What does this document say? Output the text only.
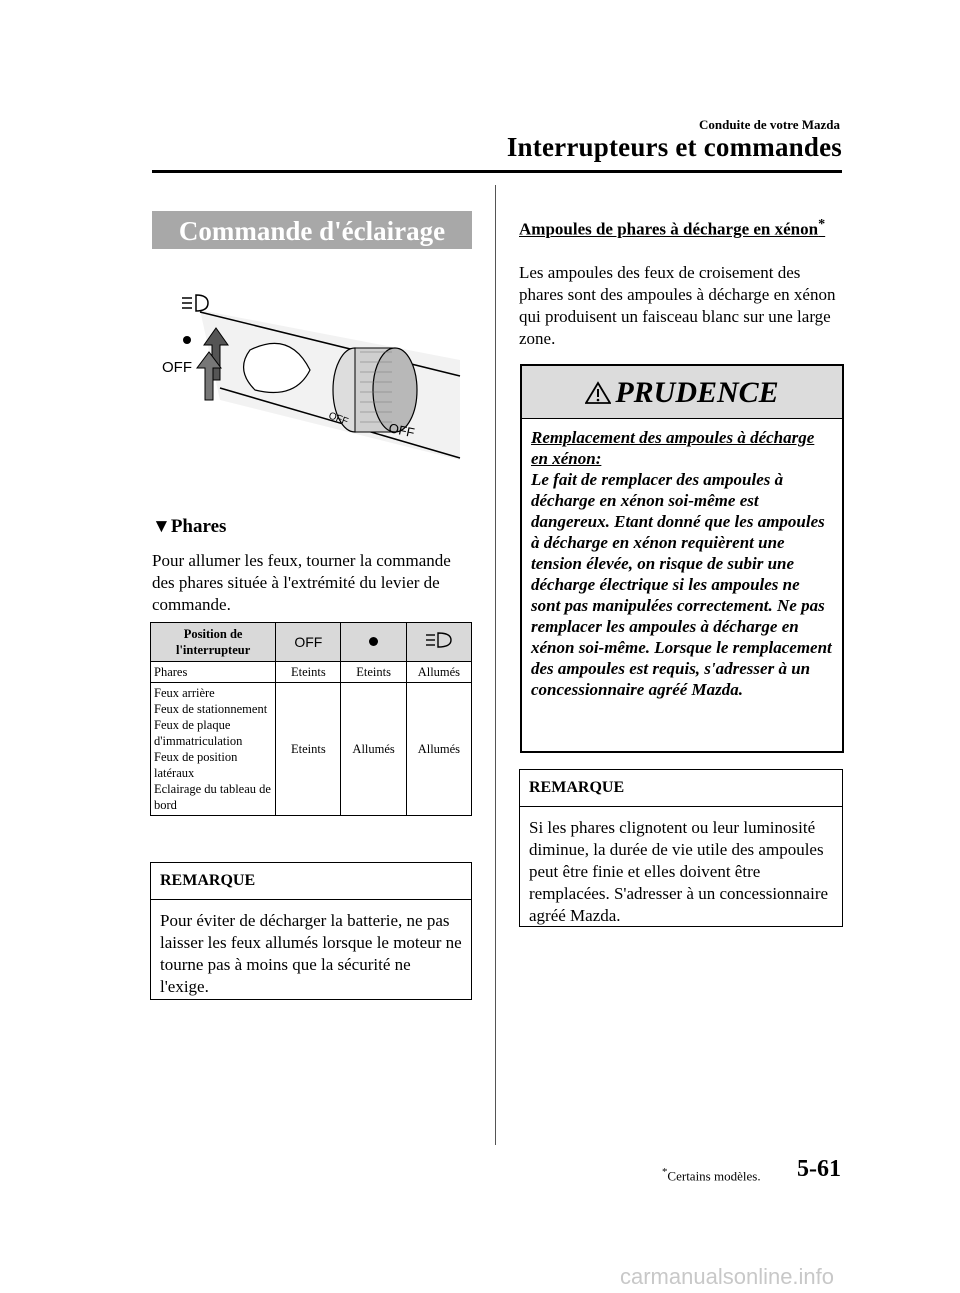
Conduite de votre Mazda
Interrupteurs et commandes
Commande d'éclairage
OFF
OFF
OFF
▼Phares
Pour allumer les feux, tourner la commande des phares située à l'extrémité du levier de commande.
Position de l'interrupteur	OFF		
Phares	Eteints	Eteints	Allumés
Feux arrière
Feux de stationnement
Feux de plaque d'immatriculation
Feux de position latéraux
Eclairage du tableau de bord	Eteints	Allumés	Allumés
REMARQUE
Pour éviter de décharger la batterie, ne pas laisser les feux allumés lorsque le moteur ne tourne pas à moins que la sécurité ne l'exige.
Ampoules de phares à décharge en xénon*
Les ampoules des feux de croisement des phares sont des ampoules à décharge en xénon qui produisent un faisceau blanc sur une large zone.
PRUDENCE
Remplacement des ampoules à décharge en xénon:
Le fait de remplacer des ampoules à décharge en xénon soi-même est dangereux. Etant donné que les ampoules à décharge en xénon requièrent une tension élevée, on risque de subir une décharge électrique si les ampoules ne sont pas manipulées correctement. Ne pas remplacer les ampoules à décharge en xénon soi-même. Lorsque le remplacement des ampoules est requis, s'adresser à un concessionnaire agréé Mazda.
REMARQUE
Si les phares clignotent ou leur luminosité diminue, la durée de vie utile des ampoules peut être finie et elles doivent être remplacées. S'adresser à un concessionnaire agréé Mazda.
*Certains modèles. 5-61
carmanualsonline.info
